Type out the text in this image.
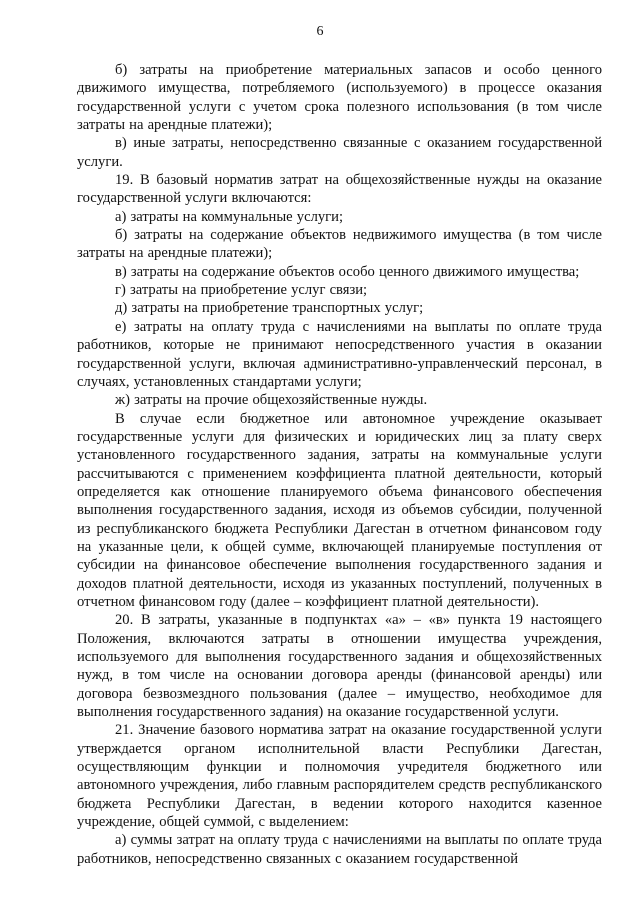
6

б) затраты на приобретение материальных запасов и особо ценного движимого имущества, потребляемого (используемого) в процессе оказания государственной услуги с учетом срока полезного использования (в том числе затраты на арендные платежи);

в) иные затраты, непосредственно связанные с оказанием государственной услуги.

19. В базовый норматив затрат на общехозяйственные нужды на оказание государственной услуги включаются:

а) затраты на коммунальные услуги;

б) затраты на содержание объектов недвижимого имущества (в том числе затраты на арендные платежи);

в) затраты на содержание объектов особо ценного движимого имущества;

г) затраты на приобретение услуг связи;

д) затраты на приобретение транспортных услуг;

е) затраты на оплату труда с начислениями на выплаты по оплате труда работников, которые не принимают непосредственного участия в оказании государственной услуги, включая административно-управленческий персонал, в случаях, установленных стандартами услуги;

ж) затраты на прочие общехозяйственные нужды.

В случае если бюджетное или автономное учреждение оказывает государственные услуги для физических и юридических лиц за плату сверх установленного государственного задания, затраты на коммунальные услуги рассчитываются с применением коэффициента платной деятельности, который определяется как отношение планируемого объема финансового обеспечения выполнения государственного задания, исходя из объемов субсидии, полученной из республиканского бюджета Республики Дагестан в отчетном финансовом году на указанные цели, к общей сумме, включающей планируемые поступления от субсидии на финансовое обеспечение выполнения государственного задания и доходов платной деятельности, исходя из указанных поступлений, полученных в отчетном финансовом году (далее – коэффициент платной деятельности).

20. В затраты, указанные в подпунктах «а» – «в» пункта 19 настоящего Положения, включаются затраты в отношении имущества учреждения, используемого для выполнения государственного задания и общехозяйственных нужд, в том числе на основании договора аренды (финансовой аренды) или договора безвозмездного пользования (далее – имущество, необходимое для выполнения государственного задания) на оказание государственной услуги.

21. Значение базового норматива затрат на оказание государственной услуги утверждается органом исполнительной власти Республики Дагестан, осуществляющим функции и полномочия учредителя бюджетного или автономного учреждения, либо главным распорядителем средств республиканского бюджета Республики Дагестан, в ведении которого находится казенное учреждение, общей суммой, с выделением:

а) суммы затрат на оплату труда с начислениями на выплаты по оплате труда работников, непосредственно связанных с оказанием государственной
